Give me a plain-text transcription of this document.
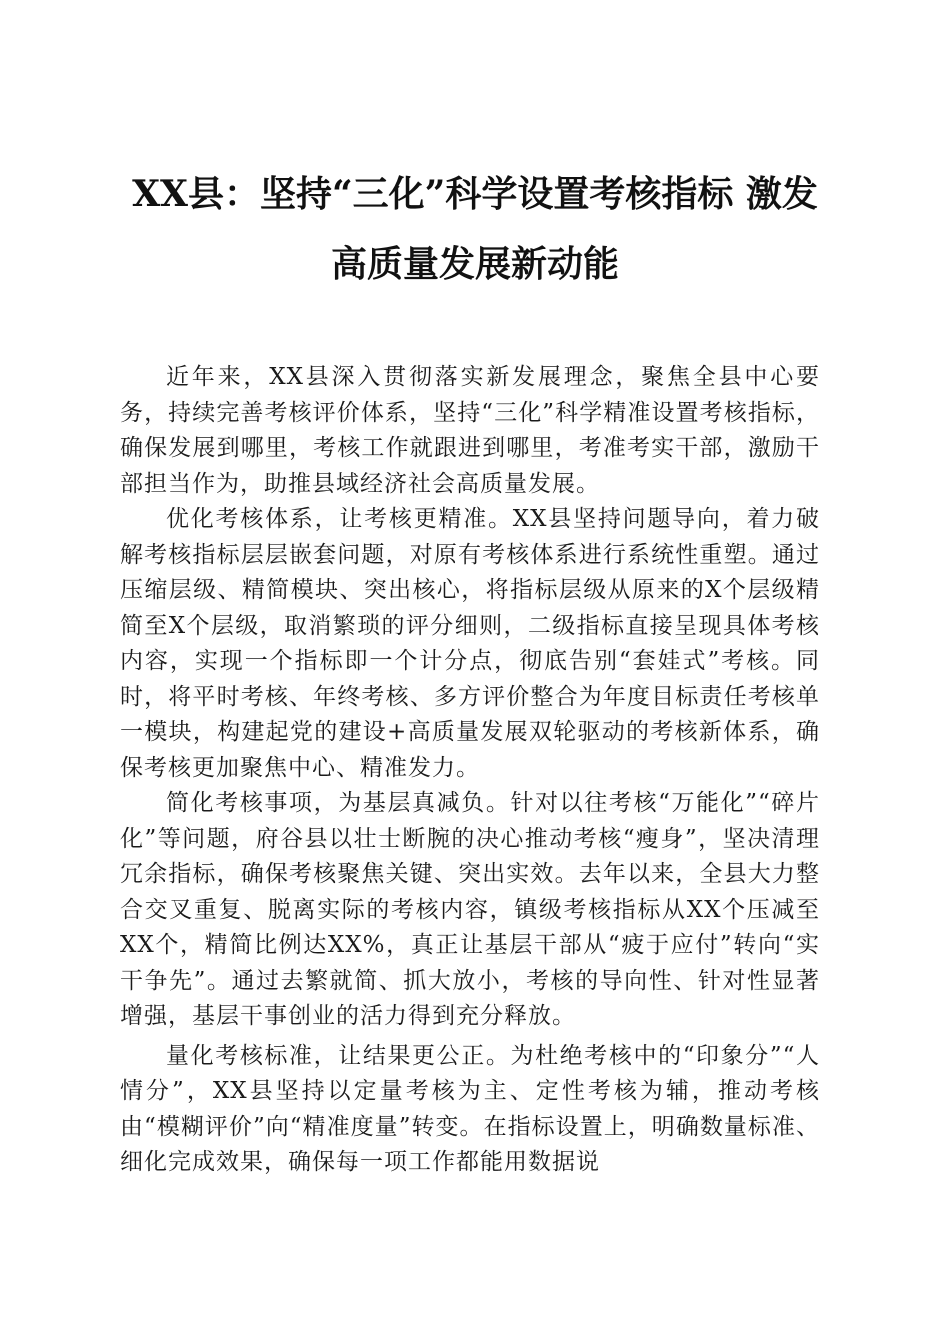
XX县：坚持“三化”科学设置考核指标 激发
高质量发展新动能

近年来，XX县深入贯彻落实新发展理念，聚焦全县中心要务，持续完善考核评价体系，坚持“三化”科学精准设置考核指标，确保发展到哪里，考核工作就跟进到哪里，考准考实干部，激励干部担当作为，助推县域经济社会高质量发展。

优化考核体系，让考核更精准。XX县坚持问题导向，着力破解考核指标层层嵌套问题，对原有考核体系进行系统性重塑。通过压缩层级、精简模块、突出核心，将指标层级从原来的X个层级精简至X个层级，取消繁琐的评分细则，二级指标直接呈现具体考核内容，实现一个指标即一个计分点，彻底告别“套娃式”考核。同时，将平时考核、年终考核、多方评价整合为年度目标责任考核单一模块，构建起党的建设+高质量发展双轮驱动的考核新体系，确保考核更加聚焦中心、精准发力。

简化考核事项，为基层真减负。针对以往考核“万能化”“碎片化”等问题，府谷县以壮士断腕的决心推动考核“瘦身”，坚决清理冗余指标，确保考核聚焦关键、突出实效。去年以来，全县大力整合交叉重复、脱离实际的考核内容，镇级考核指标从XX个压减至XX个，精简比例达XX%，真正让基层干部从“疲于应付”转向“实干争先”。通过去繁就简、抓大放小，考核的导向性、针对性显著增强，基层干事创业的活力得到充分释放。

量化考核标准，让结果更公正。为杜绝考核中的“印象分”“人情分”，XX县坚持以定量考核为主、定性考核为辅，推动考核由“模糊评价”向“精准度量”转变。在指标设置上，明确数量标准、细化完成效果，确保每一项工作都能用数据说
